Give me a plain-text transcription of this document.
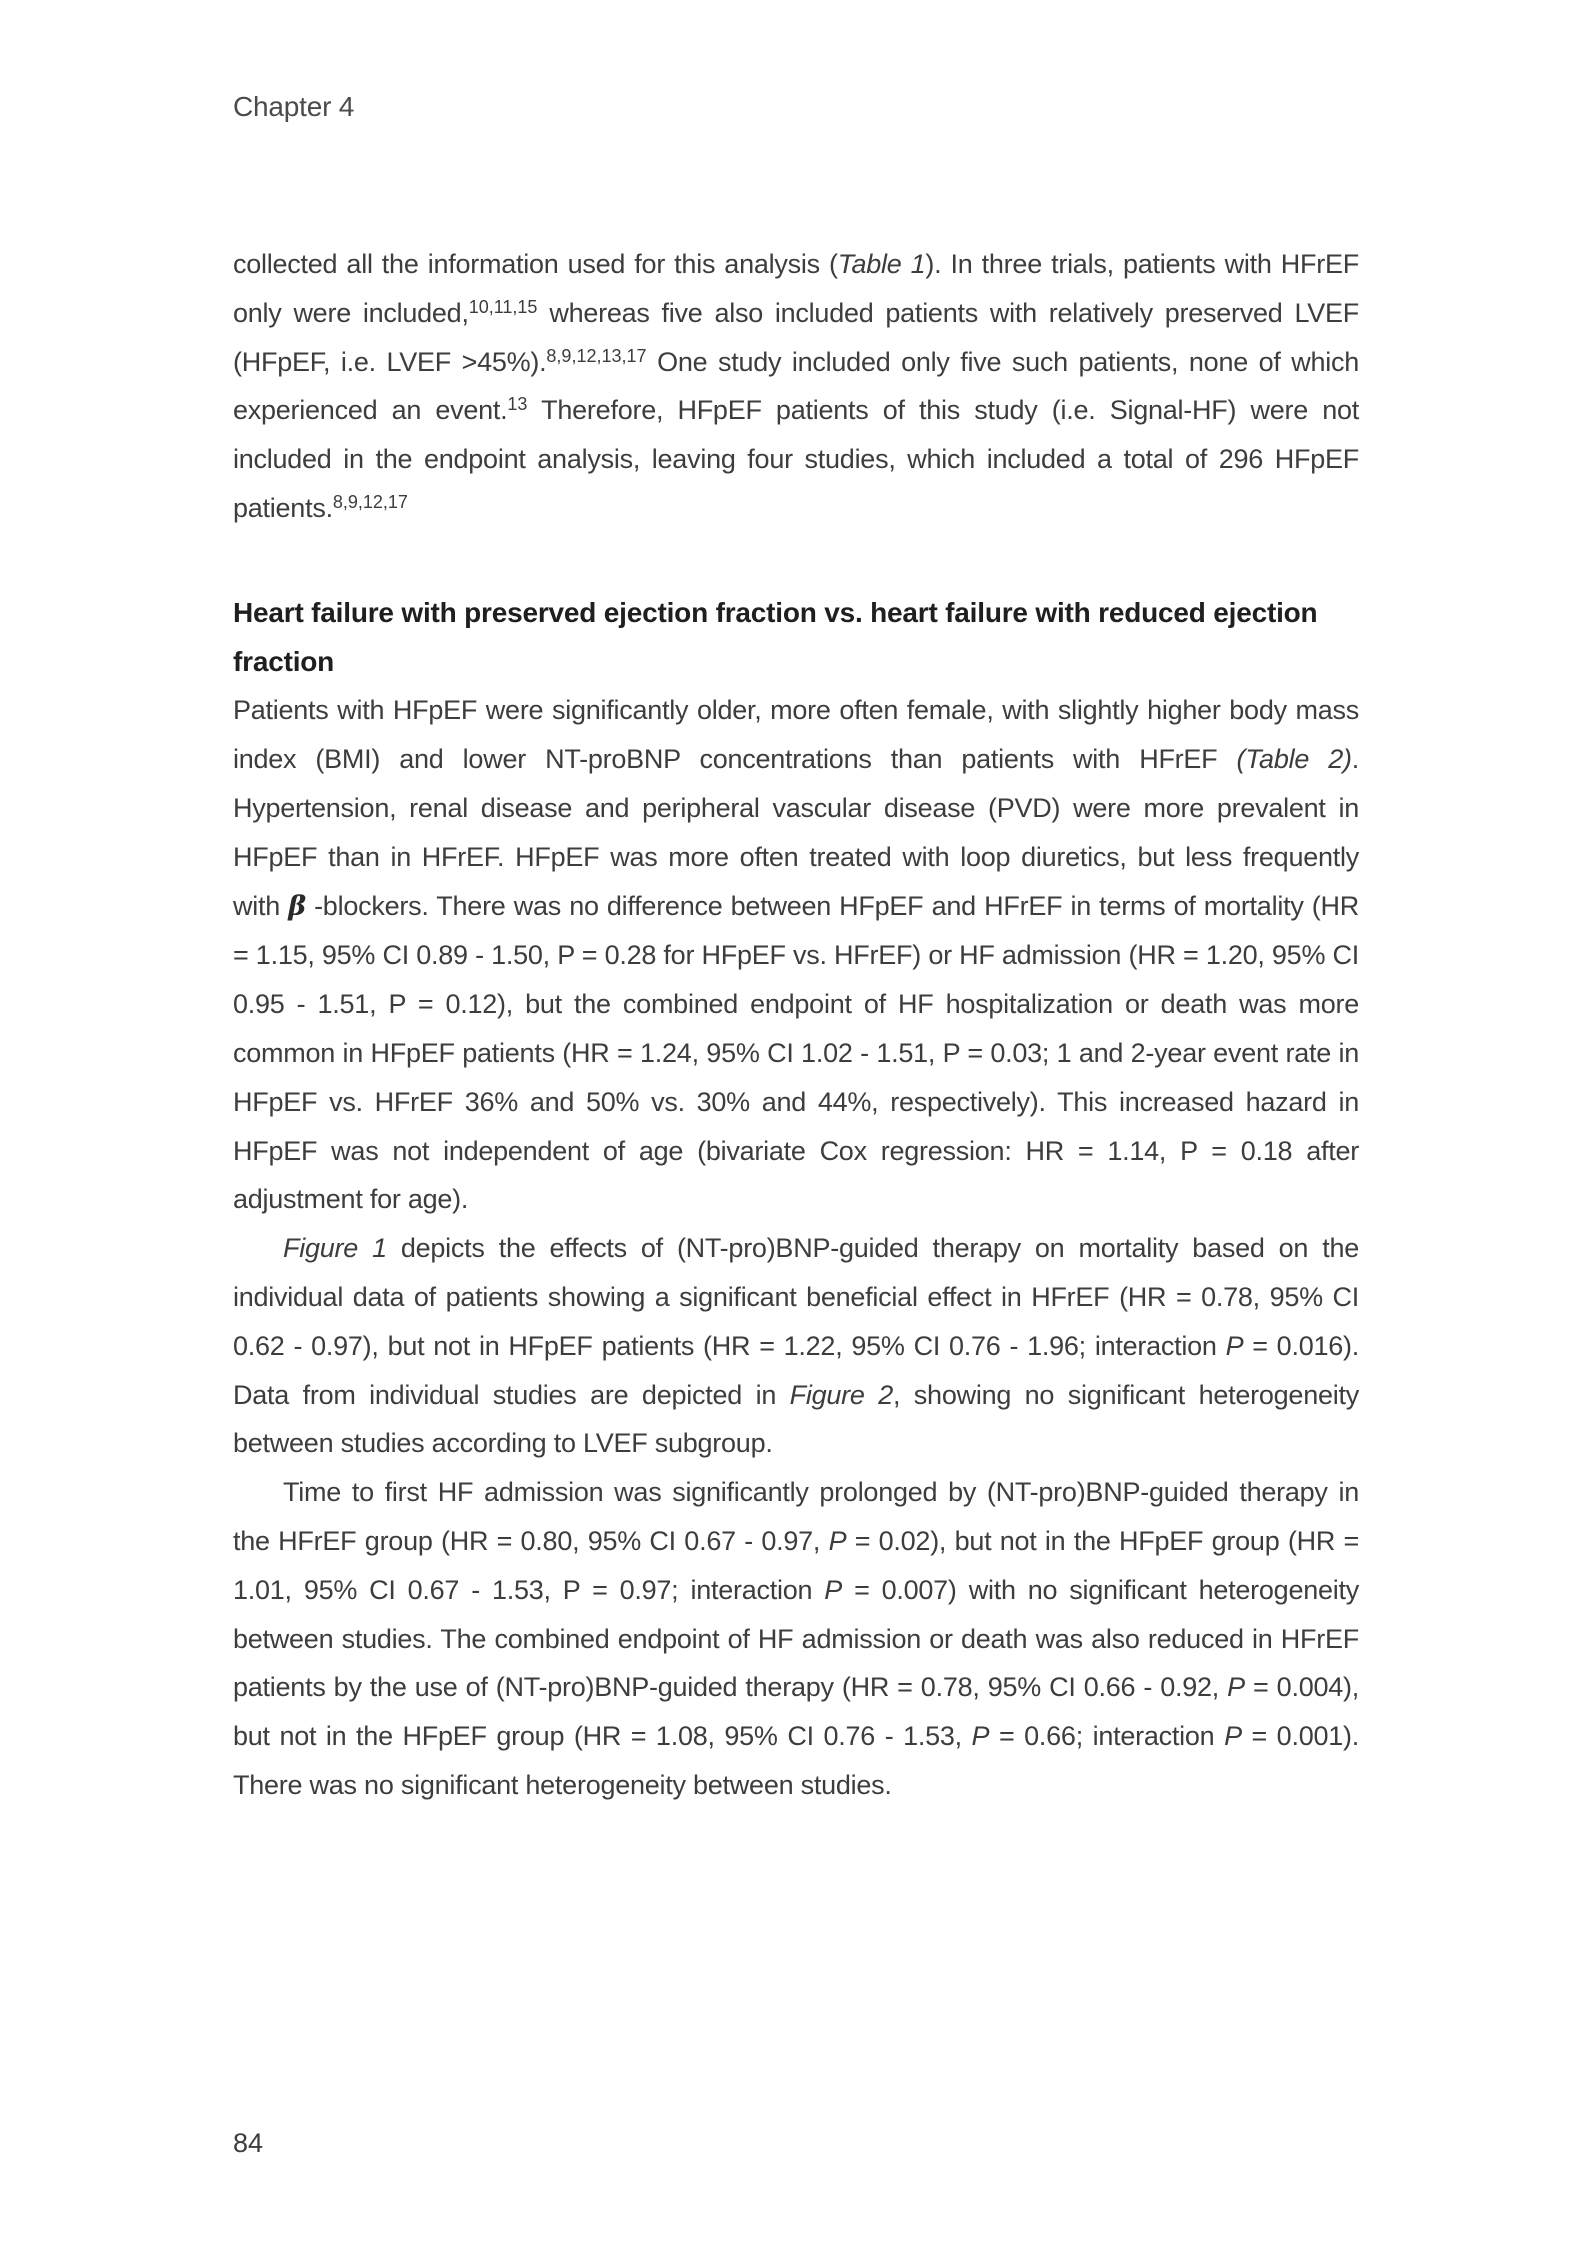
Chapter 4

collected all the information used for this analysis (Table 1). In three trials, patients with HFrEF only were included,$^{10,11,15}$ whereas five also included patients with relatively preserved LVEF (HFpEF, i.e. LVEF >45%).$^{8,9,12,13,17}$ One study included only five such patients, none of which experienced an event.$^{13}$ Therefore, HFpEF patients of this study (i.e. Signal-HF) were not included in the endpoint analysis, leaving four studies, which included a total of 296 HFpEF patients.$^{8,9,12,17}$

Heart failure with preserved ejection fraction vs. heart failure with reduced ejection fraction

Patients with HFpEF were significantly older, more often female, with slightly higher body mass index (BMI) and lower NT-proBNP concentrations than patients with HFrEF (Table 2). Hypertension, renal disease and peripheral vascular disease (PVD) were more prevalent in HFpEF than in HFrEF. HFpEF was more often treated with loop diuretics, but less frequently with β -blockers. There was no difference between HFpEF and HFrEF in terms of mortality (HR = 1.15, 95% CI 0.89 - 1.50, P = 0.28 for HFpEF vs. HFrEF) or HF admission (HR = 1.20, 95% CI 0.95 - 1.51, P = 0.12), but the combined endpoint of HF hospitalization or death was more common in HFpEF patients (HR = 1.24, 95% CI 1.02 - 1.51, P = 0.03; 1 and 2-year event rate in HFpEF vs. HFrEF 36% and 50% vs. 30% and 44%, respectively). This increased hazard in HFpEF was not independent of age (bivariate Cox regression: HR = 1.14, P = 0.18 after adjustment for age).

Figure 1 depicts the effects of (NT-pro)BNP-guided therapy on mortality based on the individual data of patients showing a significant beneficial effect in HFrEF (HR = 0.78, 95% CI 0.62 - 0.97), but not in HFpEF patients (HR = 1.22, 95% CI 0.76 - 1.96; interaction P = 0.016). Data from individual studies are depicted in Figure 2, showing no significant heterogeneity between studies according to LVEF subgroup.

Time to first HF admission was significantly prolonged by (NT-pro)BNP-guided therapy in the HFrEF group (HR = 0.80, 95% CI 0.67 - 0.97, P = 0.02), but not in the HFpEF group (HR = 1.01, 95% CI 0.67 - 1.53, P = 0.97; interaction P = 0.007) with no significant heterogeneity between studies. The combined endpoint of HF admission or death was also reduced in HFrEF patients by the use of (NT-pro)BNP-guided therapy (HR = 0.78, 95% CI 0.66 - 0.92, P = 0.004), but not in the HFpEF group (HR = 1.08, 95% CI 0.76 - 1.53, P = 0.66; interaction P = 0.001). There was no significant heterogeneity between studies.

84
